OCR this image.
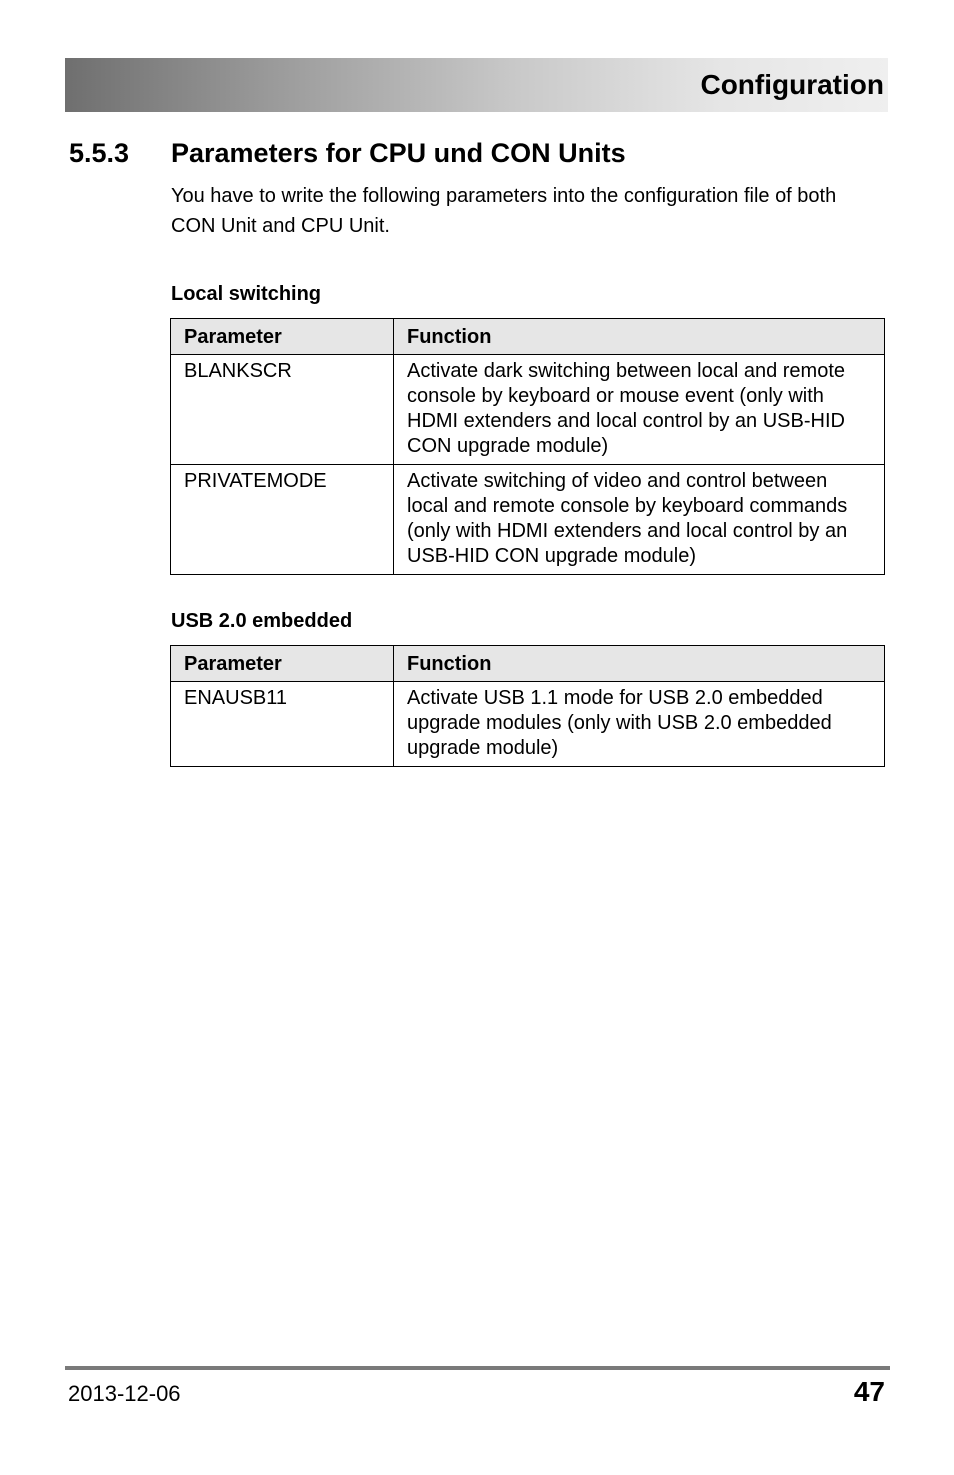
Configuration
5.5.3 Parameters for CPU und CON Units
You have to write the following parameters into the configuration file of both CON Unit and CPU Unit.
Local switching
Parameter	Function
BLANKSCR	Activate dark switching between local and remote console by keyboard or mouse event (only with HDMI extenders and local control by an USB-HID CON upgrade module)
PRIVATEMODE	Activate switching of video and control between local and remote console by keyboard commands (only with HDMI extenders and local control by an USB-HID CON upgrade module)
USB 2.0 embedded
Parameter	Function
ENAUSB11	Activate USB 1.1 mode for USB 2.0 embedded upgrade modules (only with USB 2.0 embedded upgrade module)
2013-12-06	47
